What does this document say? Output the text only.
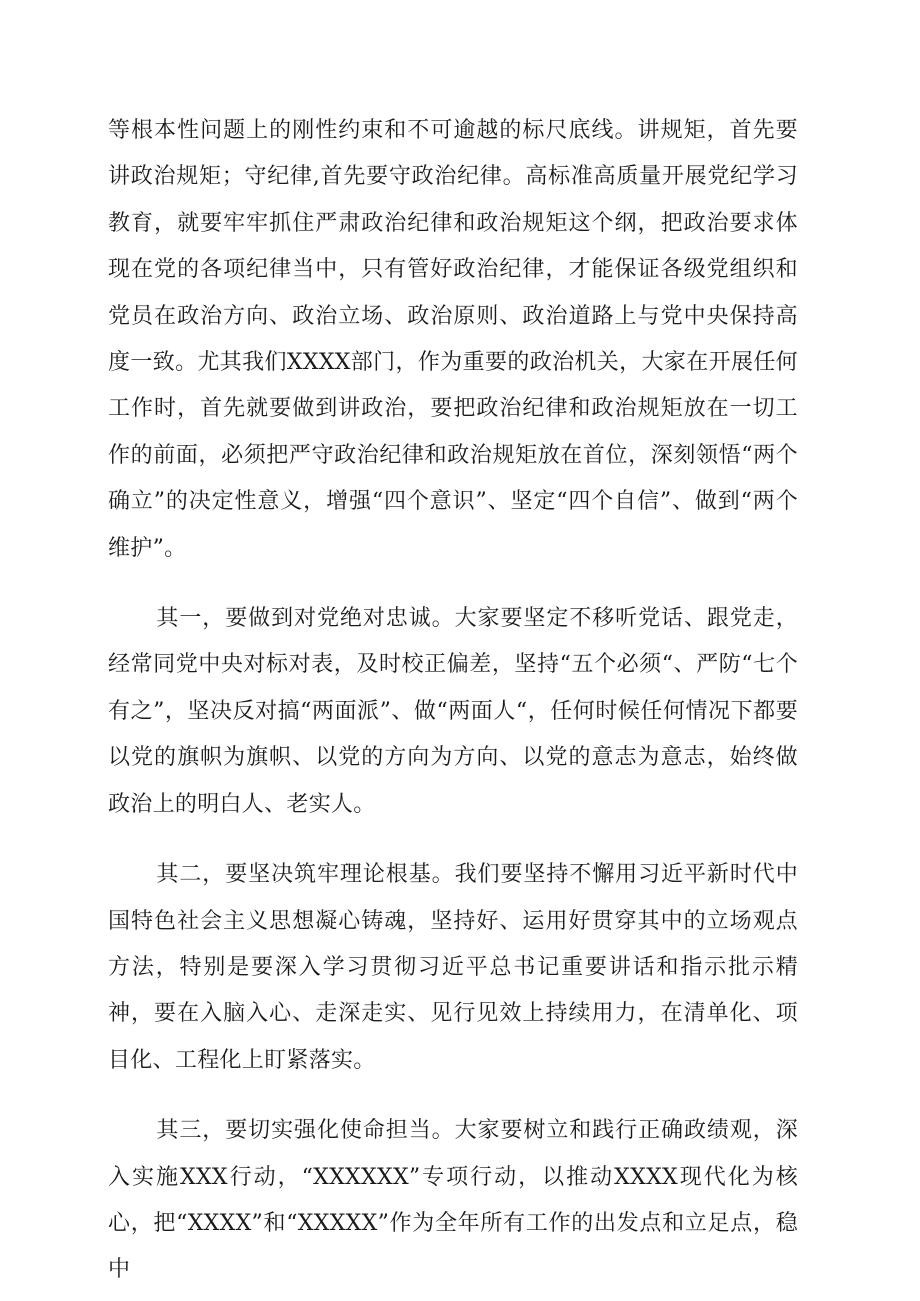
等根本性问题上的刚性约束和不可逾越的标尺底线。讲规矩，首先要讲政治规矩；守纪律,首先要守政治纪律。高标准高质量开展党纪学习教育，就要牢牢抓住严肃政治纪律和政治规矩这个纲，把政治要求体现在党的各项纪律当中，只有管好政治纪律，才能保证各级党组织和党员在政治方向、政治立场、政治原则、政治道路上与党中央保持高度一致。尤其我们XXXX部门，作为重要的政治机关，大家在开展任何工作时，首先就要做到讲政治，要把政治纪律和政治规矩放在一切工作的前面，必须把严守政治纪律和政治规矩放在首位，深刻领悟“两个确立”的决定性意义，增强“四个意识”、坚定“四个自信”、做到“两个维护”。

其一，要做到对党绝对忠诚。大家要坚定不移听党话、跟党走，经常同党中央对标对表，及时校正偏差，坚持“五个必须“、严防“七个有之”，坚决反对搞“两面派”、做“两面人“，任何时候任何情况下都要以党的旗帜为旗帜、以党的方向为方向、以党的意志为意志，始终做政治上的明白人、老实人。

其二，要坚决筑牢理论根基。我们要坚持不懈用习近平新时代中国特色社会主义思想凝心铸魂，坚持好、运用好贯穿其中的立场观点方法，特别是要深入学习贯彻习近平总书记重要讲话和指示批示精神，要在入脑入心、走深走实、见行见效上持续用力，在清单化、项目化、工程化上盯紧落实。

其三，要切实强化使命担当。大家要树立和践行正确政绩观，深入实施XXX行动，“XXXXXX”专项行动，以推动XXXX现代化为核心，把“XXXX”和“XXXXX”作为全年所有工作的出发点和立足点，稳中
